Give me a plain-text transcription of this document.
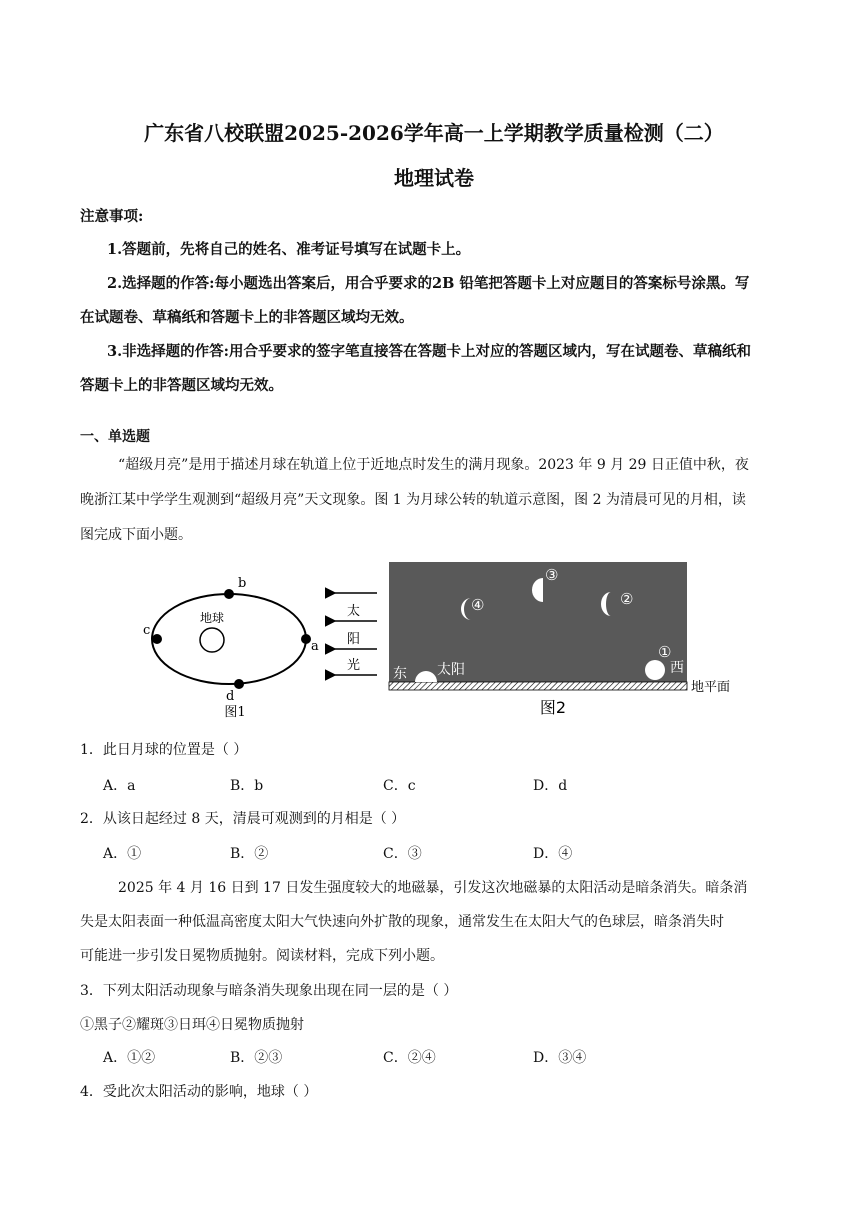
广东省八校联盟2025-2026学年高一上学期教学质量检测（二）
地理试卷
注意事项:
1.答题前，先将自己的姓名、准考证号填写在试题卡上。
2.选择题的作答:每小题选出答案后，用合乎要求的2B 铅笔把答题卡上对应题目的答案标号涂黑。写
在试题卷、草稿纸和答题卡上的非答题区域均无效。
3.非选择题的作答:用合乎要求的签字笔直接答在答题卡上对应的答题区域内，写在试题卷、草稿纸和
答题卡上的非答题区域均无效。
一、单选题
“超级月亮”是用于描述月球在轨道上位于近地点时发生的满月现象。2023 年 9 月 29 日正值中秋，夜
晚浙江某中学学生观测到“超级月亮”天文现象。图 1 为月球公转的轨道示意图，图 2 为清晨可见的月相，读
图完成下面小题。
地球
b
a
c
d
图1
太
阳
光
①
②
③
④
东 太阳	西
地平面
图2
1．此日月球的位置是（ ）
A．a	B．b	C．c	D．d
2．从该日起经过 8 天，清晨可观测到的月相是（ ）
A．①	B．②	C．③	D．④
2025 年 4 月 16 日到 17 日发生强度较大的地磁暴，引发这次地磁暴的太阳活动是暗条消失。暗条消
失是太阳表面一种低温高密度太阳大气快速向外扩散的现象，通常发生在太阳大气的色球层，暗条消失时
可能进一步引发日冕物质抛射。阅读材料，完成下列小题。
3．下列太阳活动现象与暗条消失现象出现在同一层的是（ ）
①黑子②耀斑③日珥④日冕物质抛射
A．①②	B．②③	C．②④	D．③④
4．受此次太阳活动的影响，地球（ ）
